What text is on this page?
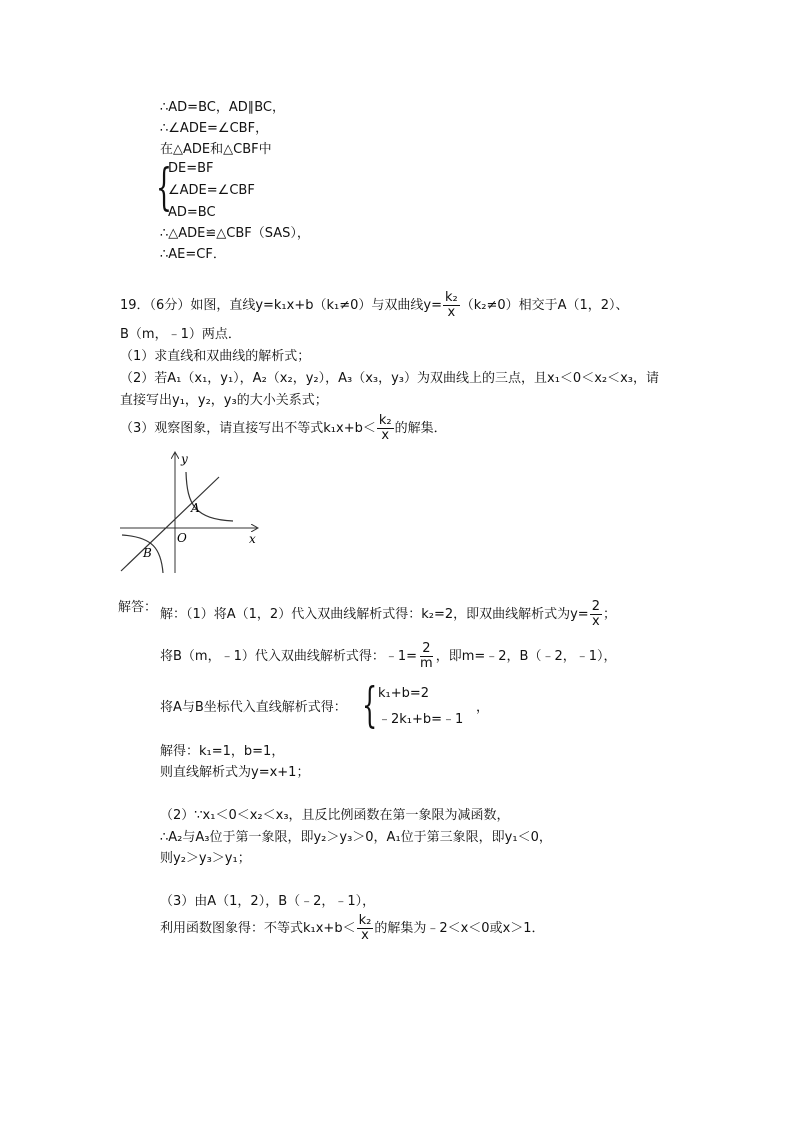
∴AD=BC，AD∥BC，
∴∠ADE=∠CBF，
在△ADE和△CBF中
{
DE=BF
∠ADE=∠CBF
AD=BC
∴△ADE≌△CBF（SAS），
∴AE=CF．
19．（6分）如图，直线y=k₁x+b（k₁≠0）与双曲线$y= \frac{\text{k₂}}{x} (k_2\ne 0)$相交于A（1，2）、
B（m，﹣1）两点．
（1）求直线和双曲线的解析式；
（2）若A₁（x₁，y₁），A₂（x₂，y₂），A₃（x₃，y₃）为双曲线上的三点，且x₁＜0＜x₂＜x₃，请
直接写出y₁，y₂，y₃的大小关系式；
（3）观察图象，请直接写出不等式$k_1x+b< \frac{\text{k₂}}{x}$ 的解集．
y
x
O
A
B
解答： 解：（1）将A（1，2）代入双曲线解析式得：k₂=2，即双曲线解析式为$y= \frac{2}{x}$ ；
将B（m，﹣1）代入双曲线解析式得：﹣1= $\frac{2}{m}$ ，即m=﹣2，B（﹣2，﹣1），
将A与B坐标代入直线解析式得： { k₁+b=2
﹣2k₁+b=﹣1
，
解得：k₁=1，b=1，
则直线解析式为y=x+1；
（2）∵x₁＜0＜x₂＜x₃，且反比例函数在第一象限为减函数，
∴A₂与A₃位于第一象限，即y₂＞y₃＞0，A₁位于第三象限，即y₁＜0，
则y₂＞y₃＞y₁；
（3）由A（1，2），B（﹣2，﹣1），
利用函数图象得：不等式$k_1x+b< \frac{\text{k₂}}{x}$ 的解集为﹣2＜x＜0或x＞1．
